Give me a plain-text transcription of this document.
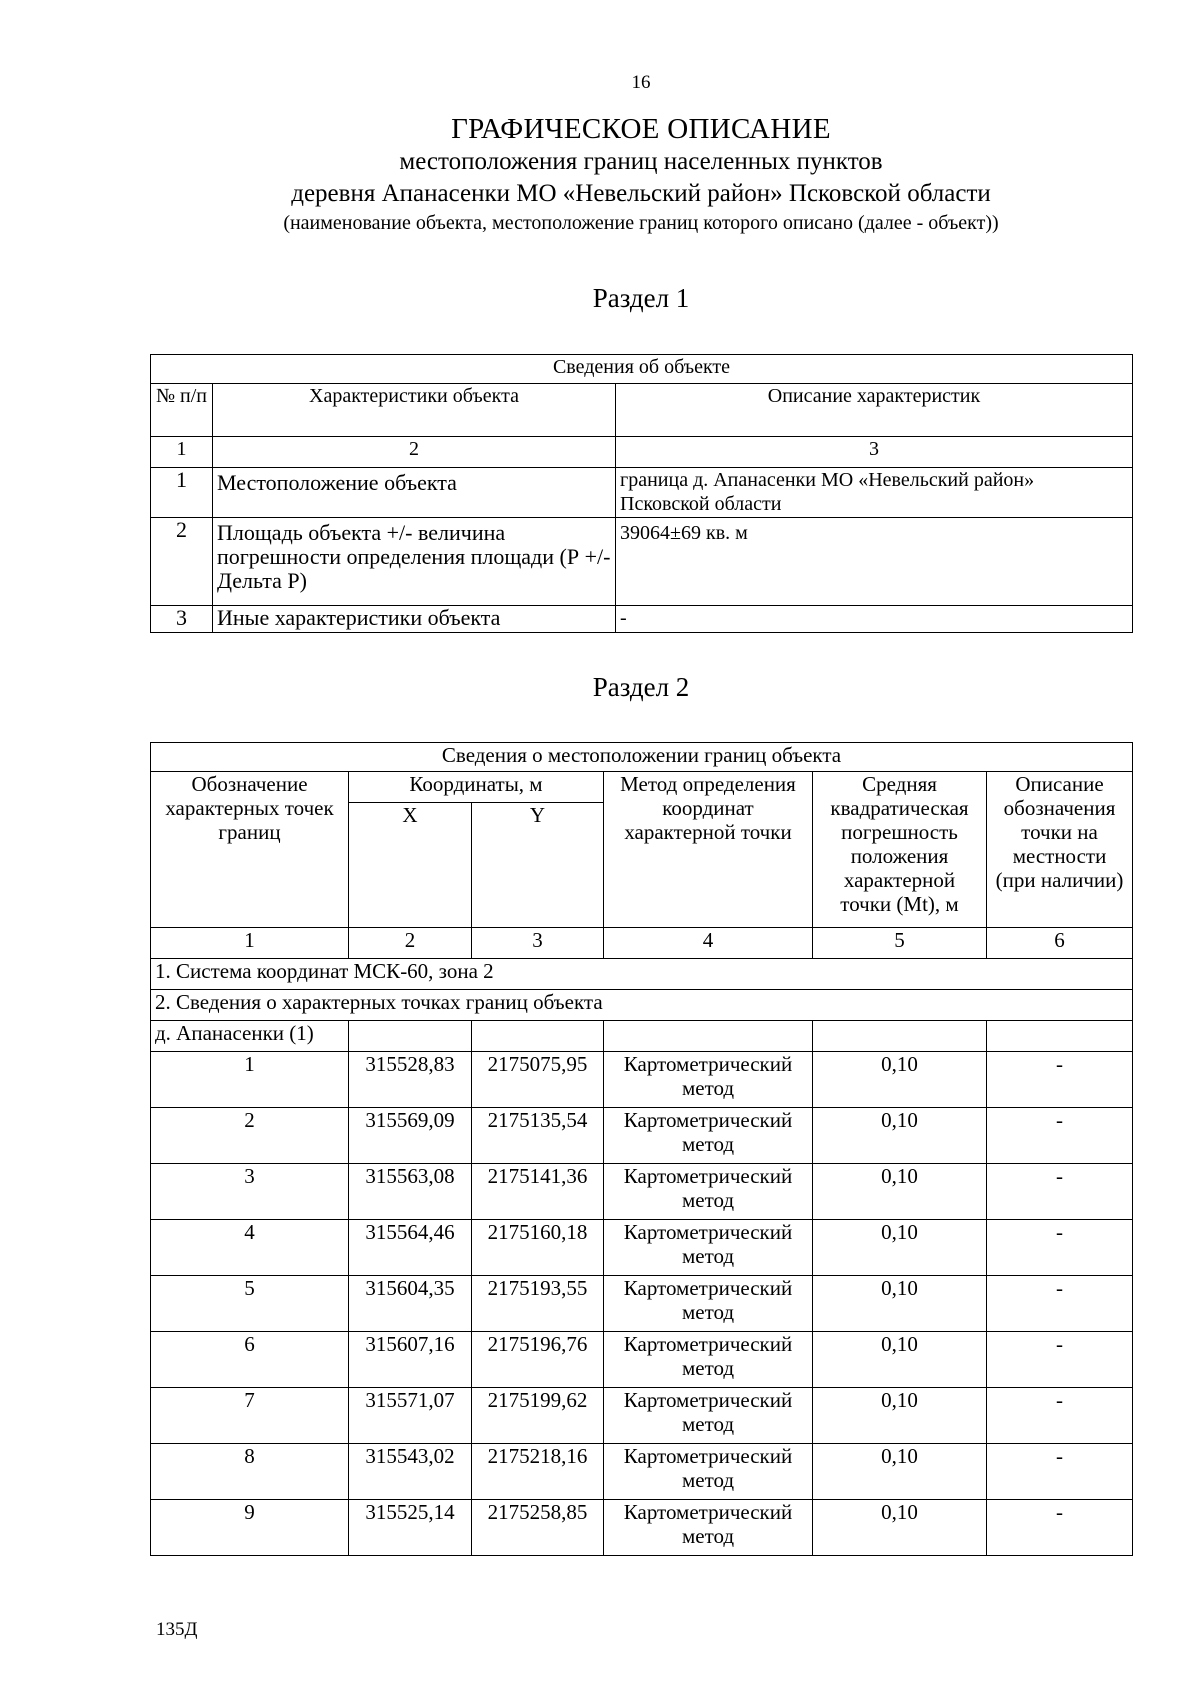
16
ГРАФИЧЕСКОЕ ОПИСАНИЕ
местоположения границ населенных пунктов
деревня Апанасенки МО «Невельский район» Псковской области
(наименование объекта, местоположение границ которого описано (далее - объект))
Раздел 1
Сведения об объекте		
№ п/п	Характеристики объекта	Описание характеристик
1	2	3
1	Местоположение объекта	граница д. Апанасенки МО «Невельский район» Псковской области
2	Площадь объекта +/- величина погрешности определения площади (Р +/- Дельта Р)	39064±69 кв. м
3	Иные характеристики объекта	-
Раздел 2
Сведения о местоположении границ объекта					
Обозначение характерных точек границ	Координаты, м		Метод определения координат характерной точки	Средняя квадратическая погрешность положения характерной точки (Mt), м	Описание обозначения точки на местности (при наличии)
	X	Y			
1	2	3	4	5	6
1. Система координат МСК-60, зона 2					
2. Сведения о характерных точках границ объекта					
д. Апанасенки (1)					
1	315528,83	2175075,95	Картометрический метод	0,10	-
2	315569,09	2175135,54	Картометрический метод	0,10	-
3	315563,08	2175141,36	Картометрический метод	0,10	-
4	315564,46	2175160,18	Картометрический метод	0,10	-
5	315604,35	2175193,55	Картометрический метод	0,10	-
6	315607,16	2175196,76	Картометрический метод	0,10	-
7	315571,07	2175199,62	Картометрический метод	0,10	-
8	315543,02	2175218,16	Картометрический метод	0,10	-
9	315525,14	2175258,85	Картометрический метод	0,10	-
135Д
